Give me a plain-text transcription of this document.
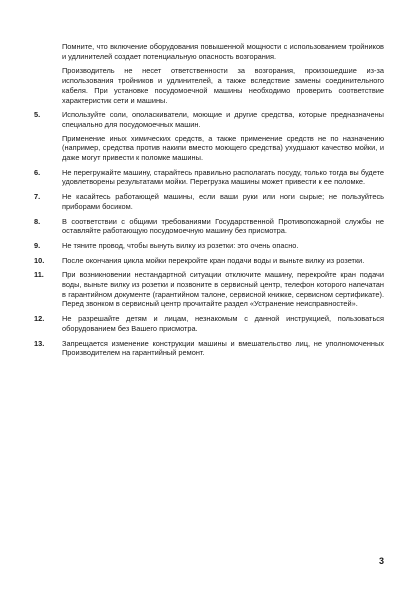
Помните, что включение оборудования повышенной мощности с использованием тройников и удлинителей создает потенциальную опасность возгорания.

Производитель не несет ответственности за возгорания, произошедшие из-за использования тройников и удлинителей, а также вследствие замены соединительного кабеля. При установке посудомоечной машины необходимо проверить соответствие характеристик сети и машины.

5.	Используйте соли, ополаскиватели, моющие и другие средства, которые предназначены специально для посудомоечных машин.
Применение иных химических средств, а также применение средств не по назначению (например, средства против накипи вместо моющего средства) ухудшают качество мойки, и даже могут привести к поломке машины.
6.	Не перегружайте машину, старайтесь правильно располагать посуду, только тогда вы будете удовлетворены результатами мойки. Перегрузка машины может привести к ее поломке.
7.	Не касайтесь работающей машины, если ваши руки или ноги сырые; не пользуйтесь приборами босиком.
8.	В соответствии с общими требованиями Государственной Противопожарной службы не оставляйте работающую посудомоечную машину без присмотра.
9.	Не тяните провод, чтобы вынуть вилку из розетки: это очень опасно.
10.	После окончания цикла мойки перекройте кран подачи воды и выньте вилку из розетки.
11.	При возникновении нестандартной ситуации отключите машину, перекройте кран подачи воды, выньте вилку из розетки и позвоните в сервисный центр, телефон которого напечатан в гарантийном документе (гарантийном талоне, сервисной книжке, сервисном сертификате). Перед звонком в сервисный центр прочитайте раздел «Устранение неисправностей».
12.	Не разрешайте детям и лицам, незнакомым с данной инструкцией, пользоваться оборудованием без Вашего присмотра.
13.	Запрещается изменение конструкции машины и вмешательство лиц, не уполномоченных Производителем на гарантийный ремонт.
3
